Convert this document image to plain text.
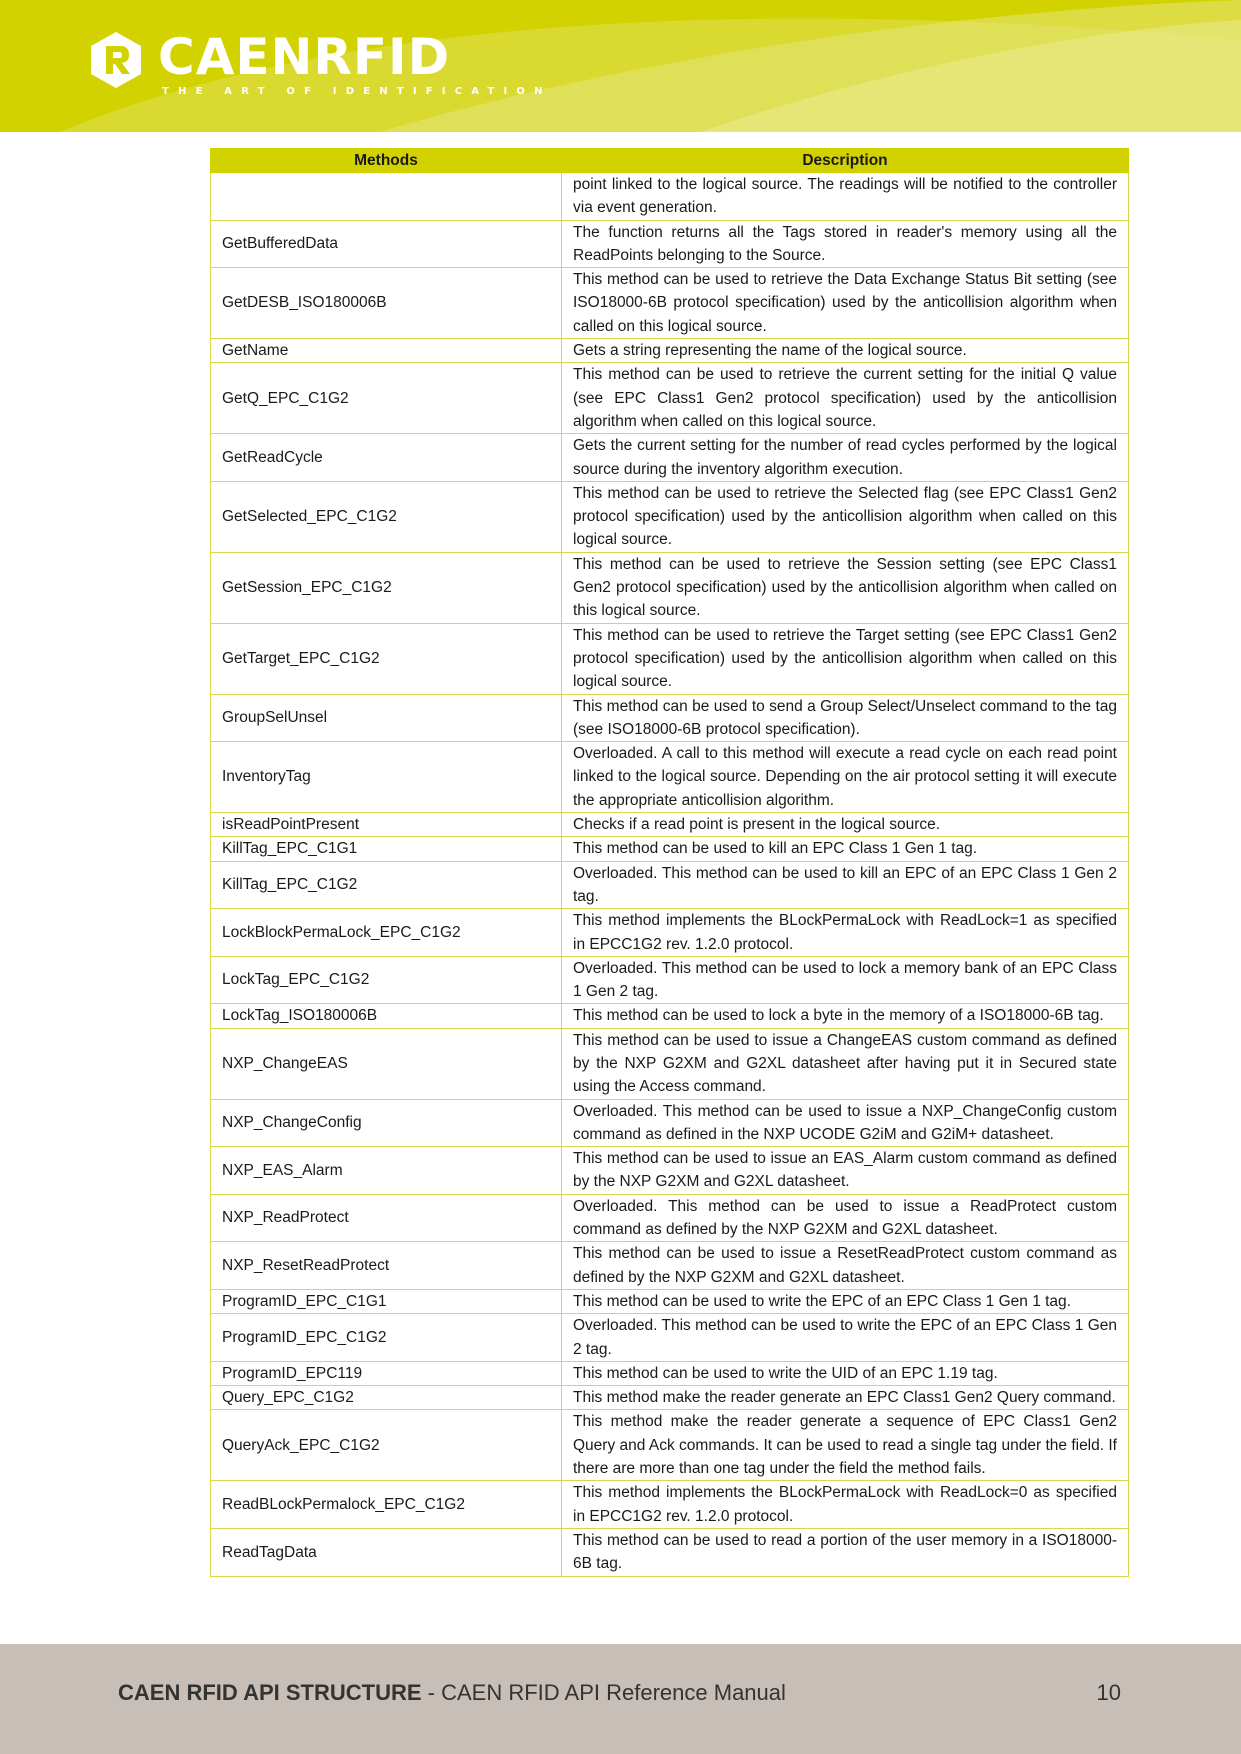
CAENRFID
THE ART OF IDENTIFICATION
Methods	Description
	point linked to the logical source. The readings will be notified to the controller via event generation.
GetBufferedData	The function returns all the Tags stored in reader's memory using all the ReadPoints belonging to the Source.
GetDESB_ISO180006B	This method can be used to retrieve the Data Exchange Status Bit setting (see ISO18000-6B protocol specification) used by the anticollision algorithm when called on this logical source.
GetName	Gets a string representing the name of the logical source.
GetQ_EPC_C1G2	This method can be used to retrieve the current setting for the initial Q value (see EPC Class1 Gen2 protocol specification) used by the anticollision algorithm when called on this logical source.
GetReadCycle	Gets the current setting for the number of read cycles performed by the logical source during the inventory algorithm execution.
GetSelected_EPC_C1G2	This method can be used to retrieve the Selected flag (see EPC Class1 Gen2 protocol specification) used by the anticollision algorithm when called on this logical source.
GetSession_EPC_C1G2	This method can be used to retrieve the Session setting (see EPC Class1 Gen2 protocol specification) used by the anticollision algorithm when called on this logical source.
GetTarget_EPC_C1G2	This method can be used to retrieve the Target setting (see EPC Class1 Gen2 protocol specification) used by the anticollision algorithm when called on this logical source.
GroupSelUnsel	This method can be used to send a Group Select/Unselect command to the tag (see ISO18000-6B protocol specification).
InventoryTag	Overloaded. A call to this method will execute a read cycle on each read point linked to the logical source. Depending on the air protocol setting it will execute the appropriate anticollision algorithm.
isReadPointPresent	Checks if a read point is present in the logical source.
KillTag_EPC_C1G1	This method can be used to kill an EPC Class 1 Gen 1 tag.
KillTag_EPC_C1G2	Overloaded. This method can be used to kill an EPC of an EPC Class 1 Gen 2 tag.
LockBlockPermaLock_EPC_C1G2	This method implements the BLockPermaLock with ReadLock=1 as specified in EPCC1G2 rev. 1.2.0 protocol.
LockTag_EPC_C1G2	Overloaded. This method can be used to lock a memory bank of an EPC Class 1 Gen 2 tag.
LockTag_ISO180006B	This method can be used to lock a byte in the memory of a ISO18000-6B tag.
NXP_ChangeEAS	This method can be used to issue a ChangeEAS custom command as defined by the NXP G2XM and G2XL datasheet after having put it in Secured state using the Access command.
NXP_ChangeConfig	Overloaded. This method can be used to issue a NXP_ChangeConfig custom command as defined in the NXP UCODE G2iM and G2iM+ datasheet.
NXP_EAS_Alarm	This method can be used to issue an EAS_Alarm custom command as defined by the NXP G2XM and G2XL datasheet.
NXP_ReadProtect	Overloaded. This method can be used to issue a ReadProtect custom command as defined by the NXP G2XM and G2XL datasheet.
NXP_ResetReadProtect	This method can be used to issue a ResetReadProtect custom command as defined by the NXP G2XM and G2XL datasheet.
ProgramID_EPC_C1G1	This method can be used to write the EPC of an EPC Class 1 Gen 1 tag.
ProgramID_EPC_C1G2	Overloaded. This method can be used to write the EPC of an EPC Class 1 Gen 2 tag.
ProgramID_EPC119	This method can be used to write the UID of an EPC 1.19 tag.
Query_EPC_C1G2	This method make the reader generate an EPC Class1 Gen2 Query command.
QueryAck_EPC_C1G2	This method make the reader generate a sequence of EPC Class1 Gen2 Query and Ack commands. It can be used to read a single tag under the field. If there are more than one tag under the field the method fails.
ReadBLockPermalock_EPC_C1G2	This method implements the BLockPermaLock with ReadLock=0 as specified in EPCC1G2 rev. 1.2.0 protocol.
ReadTagData	This method can be used to read a portion of the user memory in a ISO18000-6B tag.
CAEN RFID API STRUCTURE - CAEN RFID API Reference Manual	10
